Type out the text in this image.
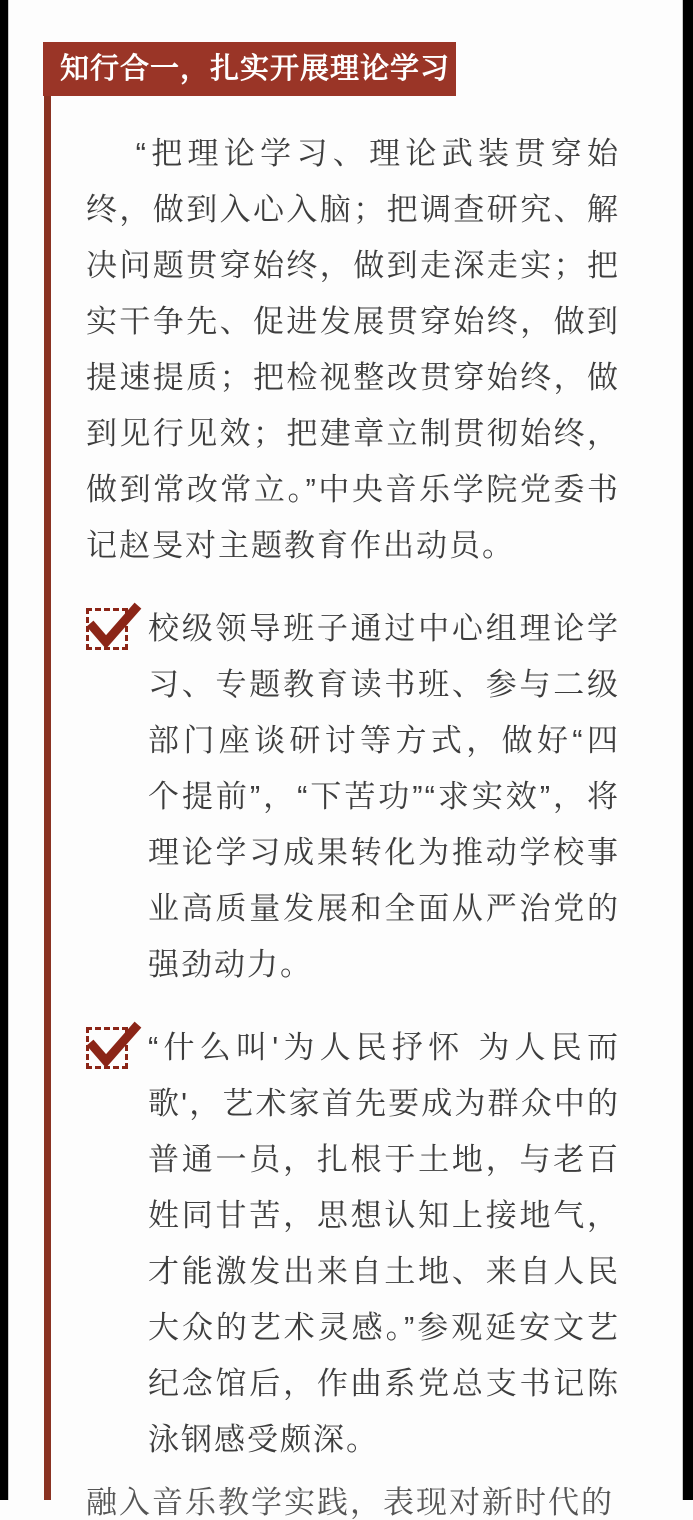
知行合一，扎实开展理论学习

“把理论学习、理论武装贯穿始终，做到入心入脑；把调查研究、解决问题贯穿始终，做到走深走实；把实干争先、促进发展贯穿始终，做到提速提质；把检视整改贯穿始终，做到见行见效；把建章立制贯彻始终，做到常改常立。”中央音乐学院党委书记赵旻对主题教育作出动员。

校级领导班子通过中心组理论学习、专题教育读书班、参与二级部门座谈研讨等方式，做好“四个提前”，“下苦功”“求实效”，将理论学习成果转化为推动学校事业高质量发展和全面从严治党的强劲动力。
“什么叫'为人民抒怀 为人民而歌'，艺术家首先要成为群众中的普通一员，扎根于土地，与老百姓同甘苦，思想认知上接地气，才能激发出来自土地、来自人民大众的艺术灵感。”参观延安文艺纪念馆后，作曲系党总支书记陈泳钢感受颇深。
融入音乐教学实践，表现对新时代的
